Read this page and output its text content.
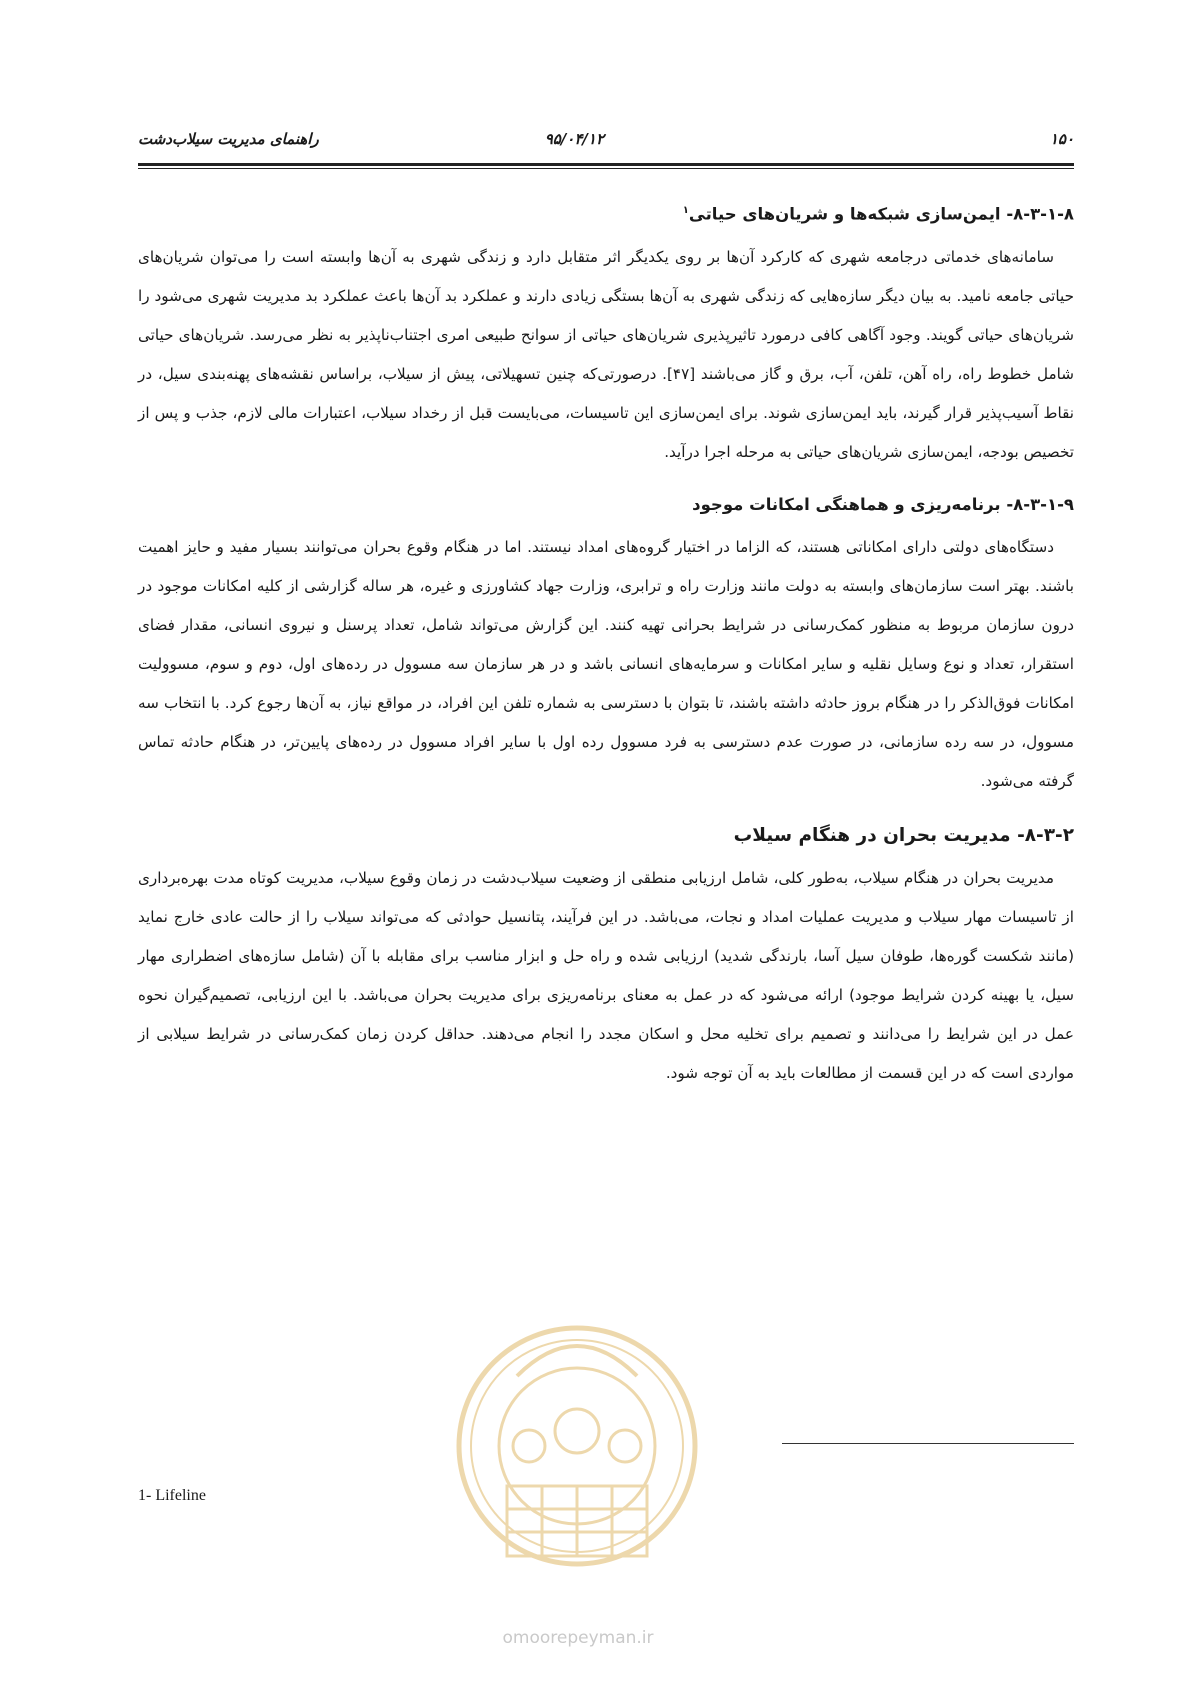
۱۵۰
۹۵/۰۴/۱۲
راهنمای مدیریت سیلاب‌دشت
۸-۳-۱-۸- ایمن‌سازی شبکه‌ها و شریان‌های حیاتی$^۱$

سامانه‌های خدماتی درجامعه شهری که کارکرد آن‌ها بر روی یکدیگر اثر متقابل دارد و زندگی شهری به آن‌ها وابسته است را می‌توان شریان‌های حیاتی جامعه نامید. به بیان دیگر سازه‌هایی که زندگی شهری به آن‌ها بستگی زیادی دارند و عملکرد بد آن‌ها باعث عملکرد بد مدیریت شهری می‌شود را شریان‌های حیاتی گویند. وجود آگاهی کافی درمورد تاثیرپذیری شریان‌های حیاتی از سوانح طبیعی امری اجتناب‌ناپذیر به نظر می‌رسد. شریان‌های حیاتی شامل خطوط راه، راه آهن، تلفن، آب، برق و گاز می‌باشند [۴۷]. درصورتی‌که چنین تسهیلاتی، پیش از سیلاب، براساس نقشه‌های پهنه‌بندی سیل، در نقاط آسیب‌پذیر قرار گیرند، باید ایمن‌سازی شوند. برای ایمن‌سازی این تاسیسات، می‌بایست قبل از رخداد سیلاب، اعتبارات مالی لازم، جذب و پس از تخصیص بودجه، ایمن‌سازی شریان‌های حیاتی به مرحله اجرا درآید.

۸-۳-۱-۹- برنامه‌ریزی و هماهنگی امکانات موجود

دستگاه‌های دولتی دارای امکاناتی هستند، که الزاما در اختیار گروه‌های امداد نیستند. اما در هنگام وقوع بحران می‌توانند بسیار مفید و حایز اهمیت باشند. بهتر است سازمان‌های وابسته به دولت مانند وزارت راه و ترابری، وزارت جهاد کشاورزی و غیره، هر ساله گزارشی از کلیه امکانات موجود در درون سازمان مربوط به منظور کمک‌رسانی در شرایط بحرانی تهیه کنند. این گزارش می‌تواند شامل، تعداد پرسنل و نیروی انسانی، مقدار فضای استقرار، تعداد و نوع وسایل نقلیه و سایر امکانات و سرمایه‌های انسانی باشد و در هر سازمان سه مسوول در رده‌های اول، دوم و سوم، مسوولیت امکانات فوق‌الذکر را در هنگام بروز حادثه داشته باشند، تا بتوان با دسترسی به شماره تلفن این افراد، در مواقع نیاز، به آن‌ها رجوع کرد. با انتخاب سه مسوول، در سه رده سازمانی، در صورت عدم دسترسی به فرد مسوول رده اول با سایر افراد مسوول در رده‌های پایین‌تر، در هنگام حادثه تماس گرفته می‌شود.

۸-۳-۲- مدیریت بحران در هنگام سیلاب

مدیریت بحران در هنگام سیلاب، به‌طور کلی، شامل ارزیابی منطقی از وضعیت سیلاب‌دشت در زمان وقوع سیلاب، مدیریت کوتاه مدت بهره‌برداری از تاسیسات مهار سیلاب و مدیریت عملیات امداد و نجات، می‌باشد. در این فرآیند، پتانسیل حوادثی که می‌تواند سیلاب را از حالت عادی خارج نماید (مانند شکست گوره‌ها، طوفان سیل آسا، بارندگی شدید) ارزیابی شده و راه حل و ابزار مناسب برای مقابله با آن (شامل سازه‌های اضطراری مهار سیل، یا بهینه کردن شرایط موجود) ارائه می‌شود که در عمل به معنای برنامه‌ریزی برای مدیریت بحران می‌باشد. با این ارزیابی، تصمیم‌گیران نحوه عمل در این شرایط را می‌دانند و تصمیم برای تخلیه محل و اسکان مجدد را انجام می‌دهند. حداقل کردن زمان کمک‌رسانی در شرایط سیلابی از مواردی است که در این قسمت از مطالعات باید به آن توجه شود.

omoorepeyman.ir
1- Lifeline
